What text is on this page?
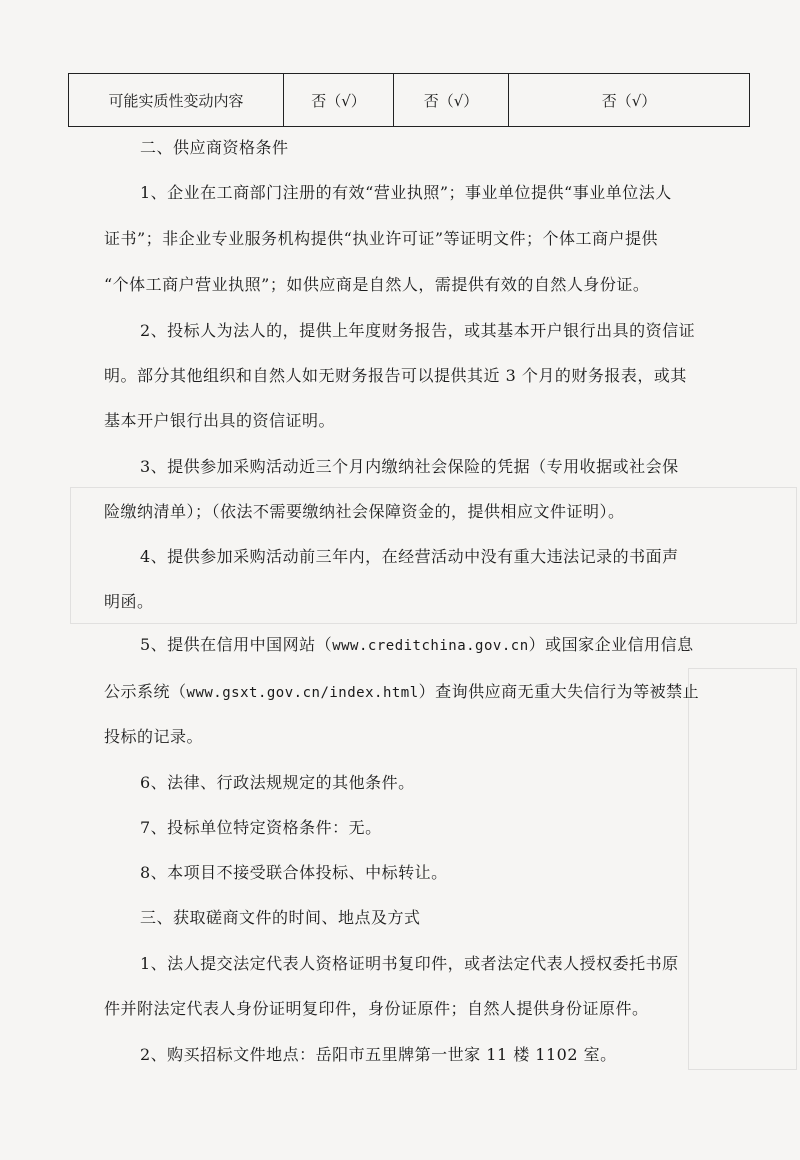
可能实质性变动内容	否（√）	否（√）	否（√）
二、供应商资格条件
1、企业在工商部门注册的有效“营业执照”；事业单位提供“事业单位法人
证书”；非企业专业服务机构提供“执业许可证”等证明文件；个体工商户提供
“个体工商户营业执照”；如供应商是自然人，需提供有效的自然人身份证。
2、投标人为法人的，提供上年度财务报告，或其基本开户银行出具的资信证
明。部分其他组织和自然人如无财务报告可以提供其近 3 个月的财务报表，或其
基本开户银行出具的资信证明。
3、提供参加采购活动近三个月内缴纳社会保险的凭据（专用收据或社会保
险缴纳清单）；（依法不需要缴纳社会保障资金的，提供相应文件证明）。
4、提供参加采购活动前三年内，在经营活动中没有重大违法记录的书面声
明函。
5、提供在信用中国网站（www.creditchina.gov.cn）或国家企业信用信息
公示系统（www.gsxt.gov.cn/index.html）查询供应商无重大失信行为等被禁止
投标的记录。
6、法律、行政法规规定的其他条件。
7、投标单位特定资格条件：无。
8、本项目不接受联合体投标、中标转让。
三、获取磋商文件的时间、地点及方式
1、法人提交法定代表人资格证明书复印件，或者法定代表人授权委托书原
件并附法定代表人身份证明复印件，身份证原件；自然人提供身份证原件。
2、购买招标文件地点：岳阳市五里牌第一世家 11 楼 1102 室。
